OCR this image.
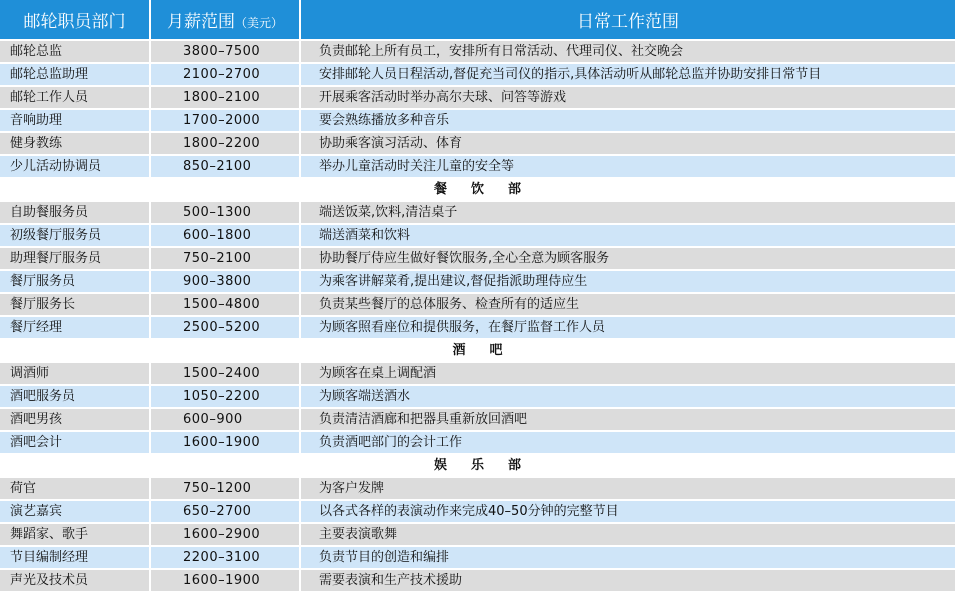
邮轮职员部门	月薪范围（美元）	日常工作范围
邮轮总监	3800–7500	负责邮轮上所有员工，安排所有日常活动、代理司仪、社交晚会
邮轮总监助理	2100–2700	安排邮轮人员日程活动,督促充当司仪的指示,具体活动听从邮轮总监并协助安排日常节目
邮轮工作人员	1800–2100	开展乘客活动时举办高尔夫球、问答等游戏
音响助理	1700–2000	要会熟练播放多种音乐
健身教练	1800–2200	协助乘客演习活动、体育
少儿活动协调员	850–2100	举办儿童活动时关注儿童的安全等
餐饮部		
自助餐服务员	500–1300	端送饭菜,饮料,清洁桌子
初级餐厅服务员	600–1800	端送酒菜和饮料
助理餐厅服务员	750–2100	协助餐厅侍应生做好餐饮服务,全心全意为顾客服务
餐厅服务员	900–3800	为乘客讲解菜肴,提出建议,督促指派助理侍应生
餐厅服务长	1500–4800	负责某些餐厅的总体服务、检查所有的适应生
餐厅经理	2500–5200	为顾客照看座位和提供服务，在餐厅监督工作人员
酒吧		
调酒师	1500–2400	为顾客在桌上调配酒
酒吧服务员	1050–2200	为顾客端送酒水
酒吧男孩	600–900	负责清洁酒廊和把器具重新放回酒吧
酒吧会计	1600–1900	负责酒吧部门的会计工作
娱乐部		
荷官	750–1200	为客户发牌
演艺嘉宾	650–2700	以各式各样的表演动作来完成40–50分钟的完整节目
舞蹈家、歌手	1600–2900	主要表演歌舞
节目编制经理	2200–3100	负责节目的创造和编排
声光及技术员	1600–1900	需要表演和生产技术援助
